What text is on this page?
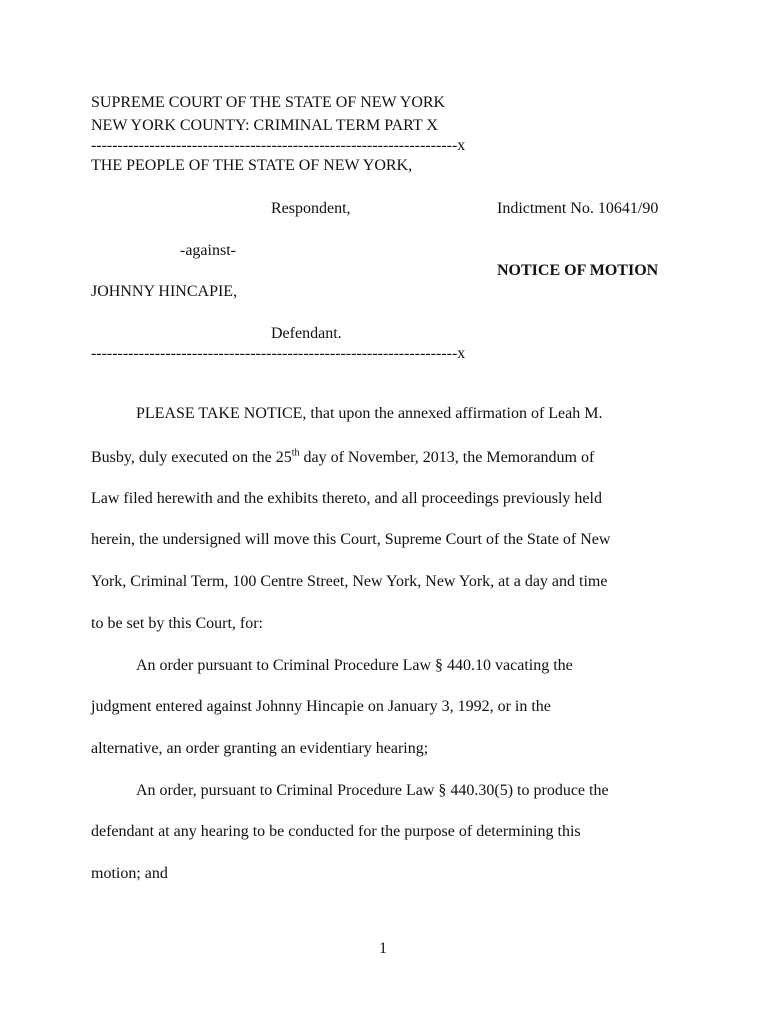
SUPREME COURT OF THE STATE OF NEW YORK
NEW YORK COUNTY: CRIMINAL TERM PART X
---------------------------------------------------------------------x
THE PEOPLE OF THE STATE OF NEW YORK,
Respondent,	Indictment No. 10641/90
-against-
NOTICE OF MOTION
JOHNNY HINCAPIE,
Defendant.
---------------------------------------------------------------------x
PLEASE TAKE NOTICE, that upon the annexed affirmation of Leah M.
Busby, duly executed on the 25th day of November, 2013, the Memorandum of
Law filed herewith and the exhibits thereto, and all proceedings previously held
herein, the undersigned will move this Court, Supreme Court of the State of New
York, Criminal Term, 100 Centre Street, New York, New York, at a day and time
to be set by this Court, for:
An order pursuant to Criminal Procedure Law § 440.10 vacating the
judgment entered against Johnny Hincapie on January 3, 1992, or in the
alternative, an order granting an evidentiary hearing;
An order, pursuant to Criminal Procedure Law § 440.30(5) to produce the
defendant at any hearing to be conducted for the purpose of determining this
motion; and
1
